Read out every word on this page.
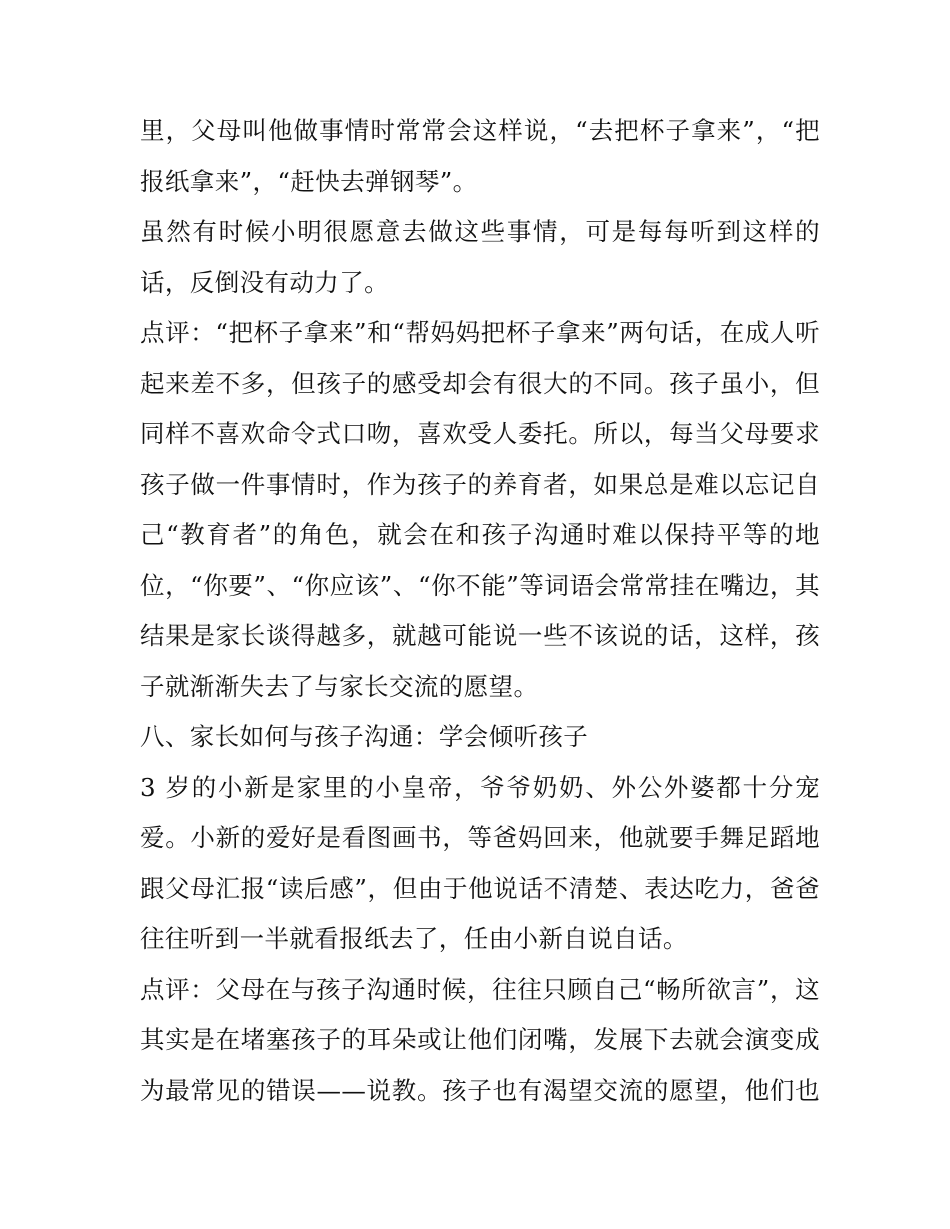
里，父母叫他做事情时常常会这样说，“去把杯子拿来”，“把
报纸拿来”，“赶快去弹钢琴”。
虽然有时候小明很愿意去做这些事情，可是每每听到这样的
话，反倒没有动力了。
点评：“把杯子拿来”和“帮妈妈把杯子拿来”两句话，在成人听
起来差不多，但孩子的感受却会有很大的不同。孩子虽小，但
同样不喜欢命令式口吻，喜欢受人委托。所以，每当父母要求
孩子做一件事情时，作为孩子的养育者，如果总是难以忘记自
己“教育者”的角色，就会在和孩子沟通时难以保持平等的地
位，“你要”、“你应该”、“你不能”等词语会常常挂在嘴边，其
结果是家长谈得越多，就越可能说一些不该说的话，这样，孩
子就渐渐失去了与家长交流的愿望。
八、家长如何与孩子沟通：学会倾听孩子
3 岁的小新是家里的小皇帝，爷爷奶奶、外公外婆都十分宠
爱。小新的爱好是看图画书，等爸妈回来，他就要手舞足蹈地
跟父母汇报“读后感”，但由于他说话不清楚、表达吃力，爸爸
往往听到一半就看报纸去了，任由小新自说自话。
点评：父母在与孩子沟通时候，往往只顾自己“畅所欲言”，这
其实是在堵塞孩子的耳朵或让他们闭嘴，发展下去就会演变成
为最常见的错误——说教。孩子也有渴望交流的愿望，他们也
